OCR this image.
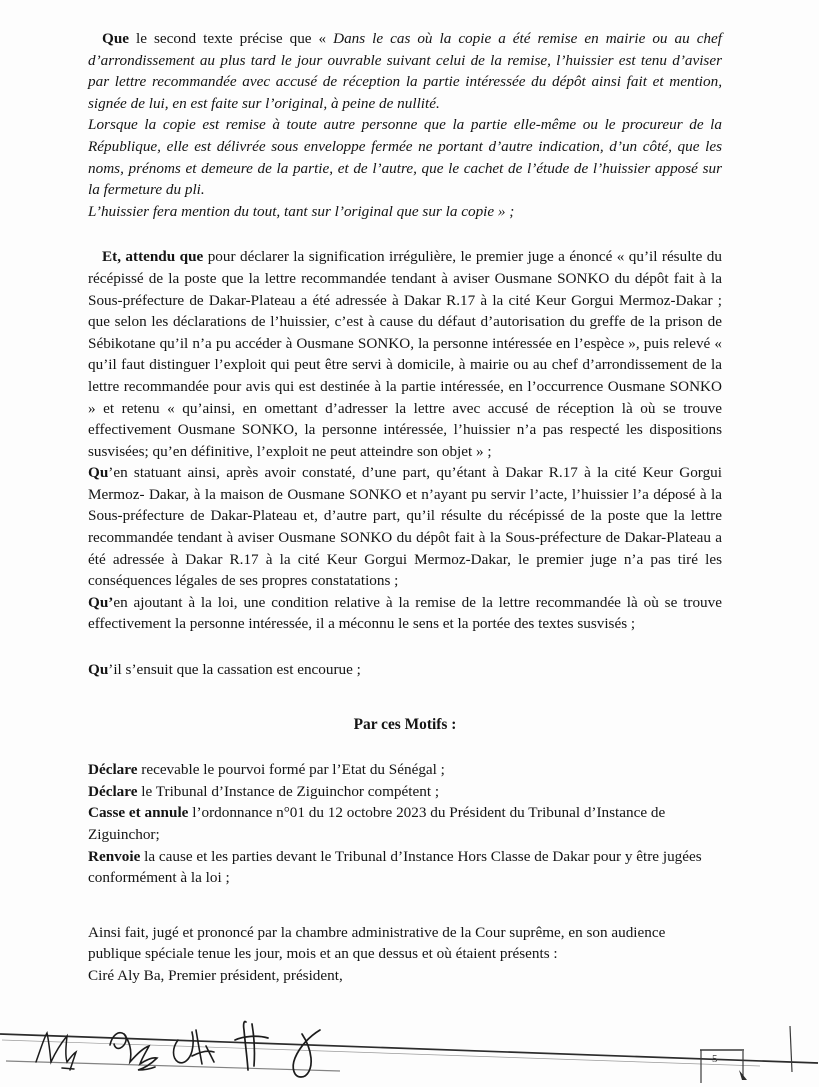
Que le second texte précise que « Dans le cas où la copie a été remise en mairie ou au chef d’arrondissement au plus tard le jour ouvrable suivant celui de la remise, l’huissier est tenu d’aviser par lettre recommandée avec accusé de réception la partie intéressée du dépôt ainsi fait et mention, signée de lui, en est faite sur l’original, à peine de nullité.

Lorsque la copie est remise à toute autre personne que la partie elle-même ou le procureur de la République, elle est délivrée sous enveloppe fermée ne portant d’autre indication, d’un côté, que les noms, prénoms et demeure de la partie, et de l’autre, que le cachet de l’étude de l’huissier apposé sur la fermeture du pli.

L’huissier fera mention du tout, tant sur l’original que sur la copie » ;

Et, attendu que pour déclarer la signification irrégulière, le premier juge a énoncé « qu’il résulte du récépissé de la poste que la lettre recommandée tendant à aviser Ousmane SONKO du dépôt fait à la Sous-préfecture de Dakar-Plateau a été adressée à Dakar R.17 à la cité Keur Gorgui Mermoz-Dakar ; que selon les déclarations de l’huissier, c’est à cause du défaut d’autorisation du greffe de la prison de Sébikotane qu’il n’a pu accéder à Ousmane SONKO, la personne intéressée en l’espèce », puis relevé « qu’il faut distinguer l’exploit qui peut être servi à domicile, à mairie ou au chef d’arrondissement de la lettre recommandée pour avis qui est destinée à la partie intéressée, en l’occurrence Ousmane SONKO » et retenu « qu’ainsi, en omettant d’adresser la lettre avec accusé de réception là où se trouve effectivement Ousmane SONKO, la personne intéressée, l’huissier n’a pas respecté les dispositions susvisées; qu’en définitive, l’exploit ne peut atteindre son objet » ;

Qu’en statuant ainsi, après avoir constaté, d’une part, qu’étant à Dakar R.17 à la cité Keur Gorgui Mermoz- Dakar, à la maison de Ousmane SONKO et n’ayant pu servir l’acte, l’huissier l’a déposé à la Sous-préfecture de Dakar-Plateau et, d’autre part, qu’il résulte du récépissé de la poste que la lettre recommandée tendant à aviser Ousmane SONKO du dépôt fait à la Sous-préfecture de Dakar-Plateau a été adressée à Dakar R.17 à la cité Keur Gorgui Mermoz-Dakar, le premier juge n’a pas tiré les conséquences légales de ses propres constatations ;

Qu’en ajoutant à la loi, une condition relative à la remise de la lettre recommandée là où se trouve effectivement la personne intéressée, il a méconnu le sens et la portée des textes susvisés ;

Qu’il s’ensuit que la cassation est encourue ;

Par ces Motifs :

Déclare recevable le pourvoi formé par l’Etat du Sénégal ;

Déclare le Tribunal d’Instance de Ziguinchor compétent ;

Casse et annule l’ordonnance n°01 du 12 octobre 2023 du Président du Tribunal d’Instance de Ziguinchor;

Renvoie la cause et les parties devant le Tribunal d’Instance Hors Classe de Dakar pour y être jugées conformément à la loi ;

Ainsi fait, jugé et prononcé par la chambre administrative de la Cour suprême, en son audience publique spéciale tenue les jour, mois et an que dessus et où étaient présents :

Ciré Aly Ba, Premier président, président,

5
